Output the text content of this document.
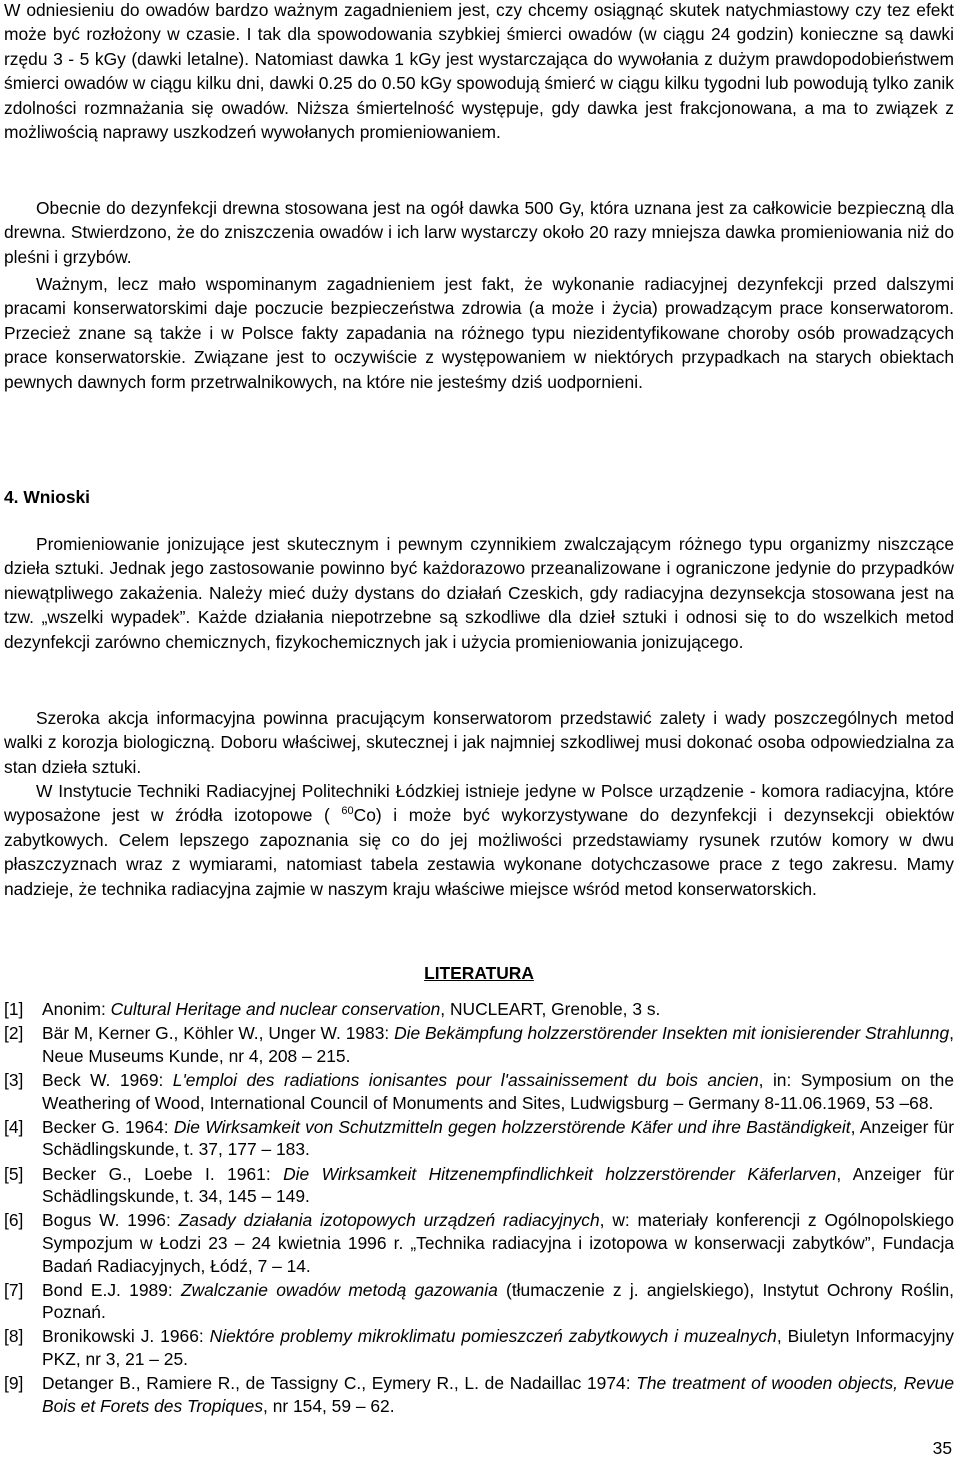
W odniesieniu do owadów bardzo ważnym zagadnieniem jest, czy chcemy osiągnąć skutek natychmiastowy czy tez efekt może być rozłożony w czasie. I tak dla spowodowania szybkiej śmierci owadów (w ciągu 24 godzin) konieczne są dawki rzędu 3 - 5 kGy (dawki letalne). Natomiast dawka 1 kGy jest wystarczająca do wywołania z dużym prawdopodobieństwem śmierci owadów w ciągu kilku dni, dawki 0.25 do 0.50 kGy spowodują śmierć w ciągu kilku tygodni lub powodują tylko zanik zdolności rozmnażania się owadów. Niższa śmiertelność występuje, gdy dawka jest frakcjonowana, a ma to związek z możliwością naprawy uszkodzeń wywołanych promieniowaniem.

Obecnie do dezynfekcji drewna stosowana jest na ogół dawka 500 Gy, która uznana jest za całkowicie bezpieczną dla drewna. Stwierdzono, że do zniszczenia owadów i ich larw wystarczy około 20 razy mniejsza dawka promieniowania niż do pleśni i grzybów.

Ważnym, lecz mało wspominanym zagadnieniem jest fakt, że wykonanie radiacyjnej dezynfekcji przed dalszymi pracami konserwatorskimi daje poczucie bezpieczeństwa zdrowia (a może i życia) prowadzącym prace konserwatorom. Przecież znane są także i w Polsce fakty zapadania na różnego typu niezidentyfikowane choroby osób prowadzących prace konserwatorskie. Związane jest to oczywiście z występowaniem w niektórych przypadkach na starych obiektach pewnych dawnych form przetrwalnikowych, na które nie jesteśmy dziś uodpornieni.

4. Wnioski

Promieniowanie jonizujące jest skutecznym i pewnym czynnikiem zwalczającym różnego typu organizmy niszczące dzieła sztuki. Jednak jego zastosowanie powinno być każdorazowo przeanalizowane i ograniczone jedynie do przypadków niewątpliwego zakażenia. Należy mieć duży dystans do działań Czeskich, gdy radiacyjna dezynsekcja stosowana jest na tzw. „wszelki wypadek”. Każde działania niepotrzebne są szkodliwe dla dzieł sztuki i odnosi się to do wszelkich metod dezynfekcji zarówno chemicznych, fizykochemicznych jak i użycia promieniowania jonizującego.

Szeroka akcja informacyjna powinna pracującym konserwatorom przedstawić zalety i wady poszczególnych metod walki z korozja biologiczną. Doboru właściwej, skutecznej i jak najmniej szkodliwej musi dokonać osoba odpowiedzialna za stan dzieła sztuki.

W Instytucie Techniki Radiacyjnej Politechniki Łódzkiej istnieje jedyne w Polsce urządzenie - komora radiacyjna, które wyposażone jest w źródła izotopowe ( $^{60}$Co) i może być wykorzystywane do dezynfekcji i dezynsekcji obiektów zabytkowych. Celem lepszego zapoznania się co do jej możliwości przedstawiamy rysunek rzutów komory w dwu płaszczyznach wraz z wymiarami, natomiast tabela zestawia wykonane dotychczasowe prace z tego zakresu. Mamy nadzieje, że technika radiacyjna zajmie w naszym kraju właściwe miejsce wśród metod konserwatorskich.

LITERATURA
[1] Anonim: Cultural Heritage and nuclear conservation, NUCLEART, Grenoble, 3 s.
[2] Bär M, Kerner G., Köhler W., Unger W. 1983: Die Bekämpfung holzzerstörender Insekten mit ionisierender Strahlunng, Neue Museums Kunde, nr 4, 208 – 215.
[3] Beck W. 1969: L'emploi des radiations ionisantes pour l'assainissement du bois ancien, in: Symposium on the Weathering of Wood, International Council of Monuments and Sites, Ludwigsburg – Germany 8-11.06.1969, 53 –68.
[4] Becker G. 1964: Die Wirksamkeit von Schutzmitteln gegen holzzerstörende Käfer und ihre Baständigkeit, Anzeiger für Schädlingskunde, t. 37, 177 – 183.
[5] Becker G., Loebe I. 1961: Die Wirksamkeit Hitzenempfindlichkeit holzzerstörender Käferlarven, Anzeiger für Schädlingskunde, t. 34, 145 – 149.
[6] Bogus W. 1996: Zasady działania izotopowych urządzeń radiacyjnych, w: materiały konferencji z Ogólnopolskiego Sympozjum w Łodzi 23 – 24 kwietnia 1996 r. „Technika radiacyjna i izotopowa w konserwacji zabytków”, Fundacja Badań Radiacyjnych, Łódź, 7 – 14.
[7] Bond E.J. 1989: Zwalczanie owadów metodą gazowania (tłumaczenie z j. angielskiego), Instytut Ochrony Roślin, Poznań.
[8] Bronikowski J. 1966: Niektóre problemy mikroklimatu pomieszczeń zabytkowych i muzealnych, Biuletyn Informacyjny PKZ, nr 3, 21 – 25.
[9] Detanger B., Ramiere R., de Tassigny C., Eymery R., L. de Nadaillac 1974: The treatment of wooden objects, Revue Bois et Forets des Tropiques, nr 154, 59 – 62.
35
